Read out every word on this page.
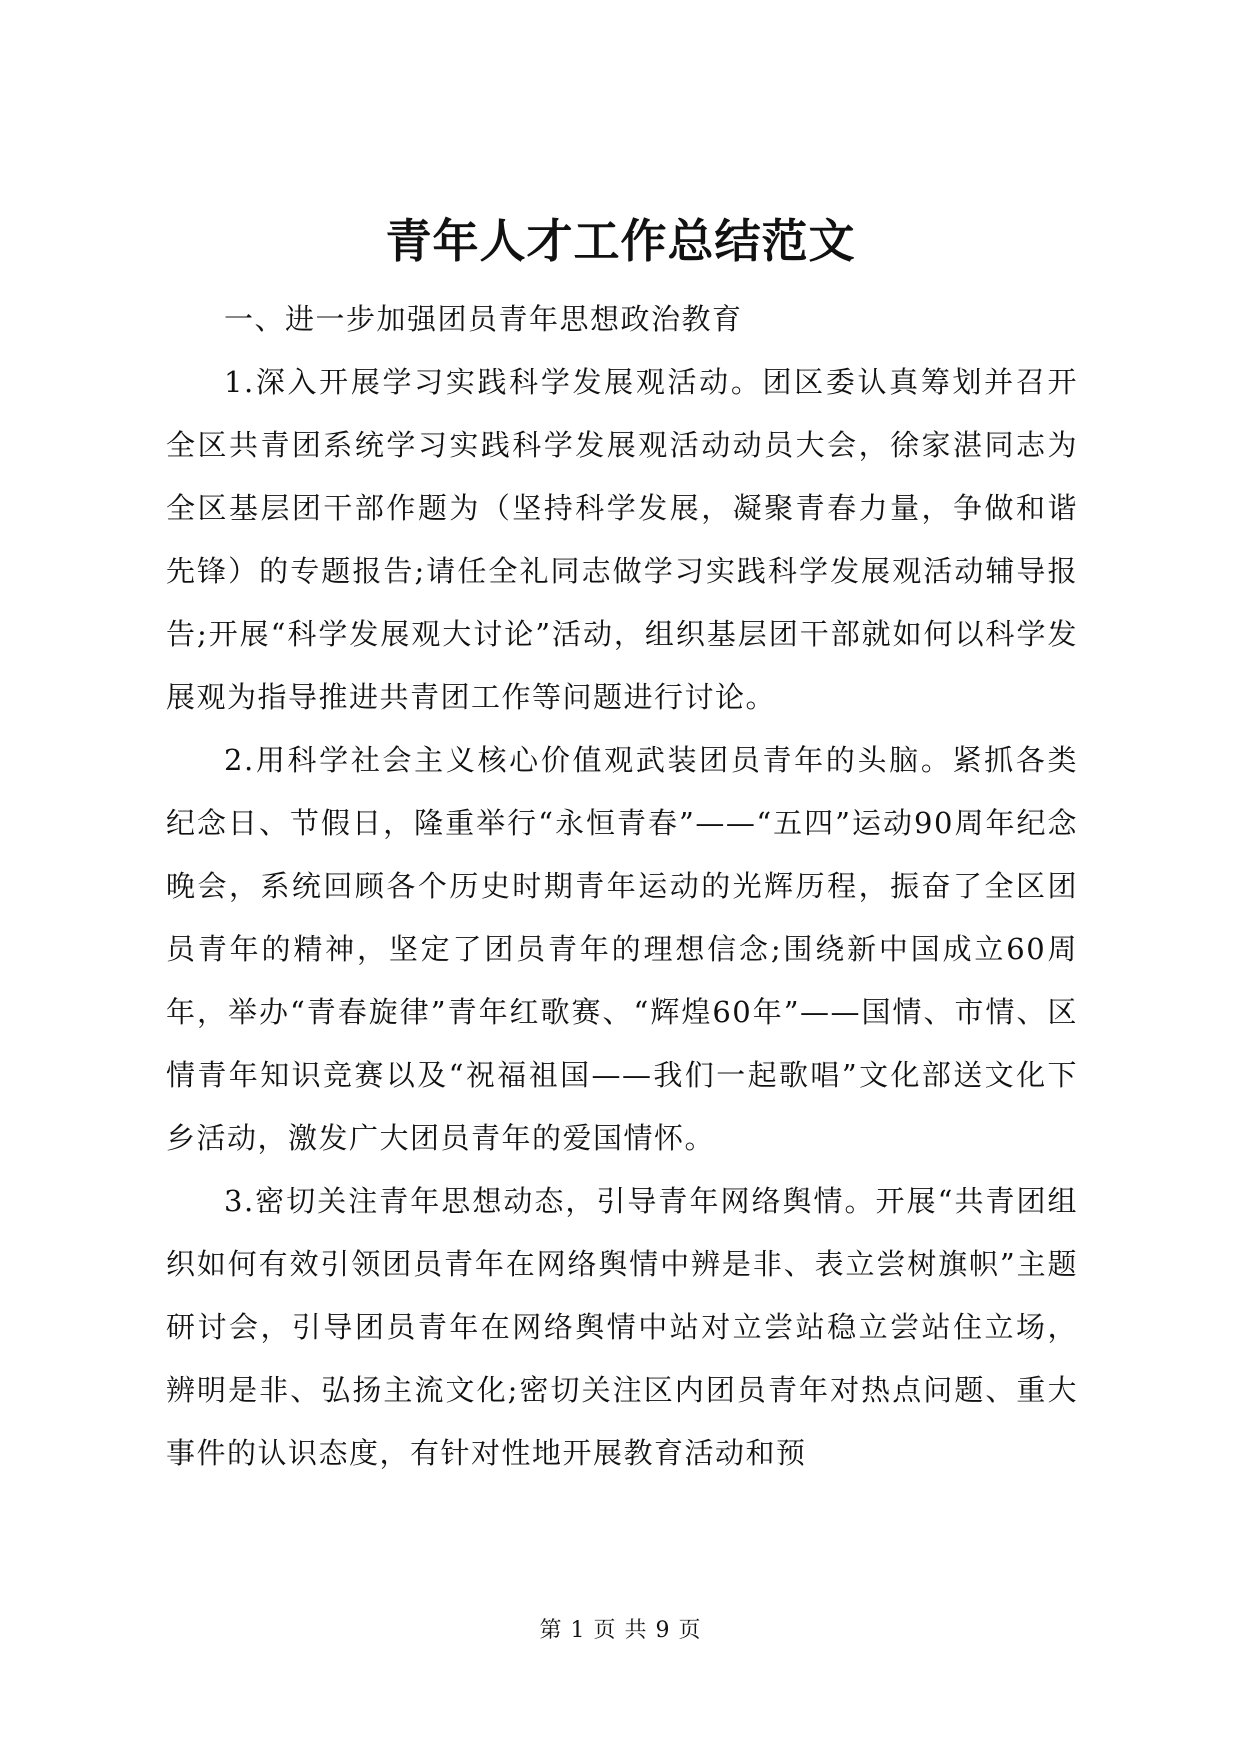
青年人才工作总结范文

一、进一步加强团员青年思想政治教育

1.深入开展学习实践科学发展观活动。团区委认真筹划并召开全区共青团系统学习实践科学发展观活动动员大会，徐家湛同志为全区基层团干部作题为（坚持科学发展，凝聚青春力量，争做和谐先锋）的专题报告;请任全礼同志做学习实践科学发展观活动辅导报告;开展“科学发展观大讨论”活动，组织基层团干部就如何以科学发展观为指导推进共青团工作等问题进行讨论。

2.用科学社会主义核心价值观武装团员青年的头脑。紧抓各类纪念日、节假日，隆重举行“永恒青春”——“五四”运动90周年纪念晚会，系统回顾各个历史时期青年运动的光辉历程，振奋了全区团员青年的精神，坚定了团员青年的理想信念;围绕新中国成立60周年，举办“青春旋律”青年红歌赛、“辉煌60年”——国情、市情、区情青年知识竞赛以及“祝福祖国——我们一起歌唱”文化部送文化下乡活动，激发广大团员青年的爱国情怀。

3.密切关注青年思想动态，引导青年网络舆情。开展“共青团组织如何有效引领团员青年在网络舆情中辨是非、表立尝树旗帜”主题研讨会，引导团员青年在网络舆情中站对立尝站稳立尝站住立场，辨明是非、弘扬主流文化;密切关注区内团员青年对热点问题、重大事件的认识态度，有针对性地开展教育活动和预

第 1 页 共 9 页
